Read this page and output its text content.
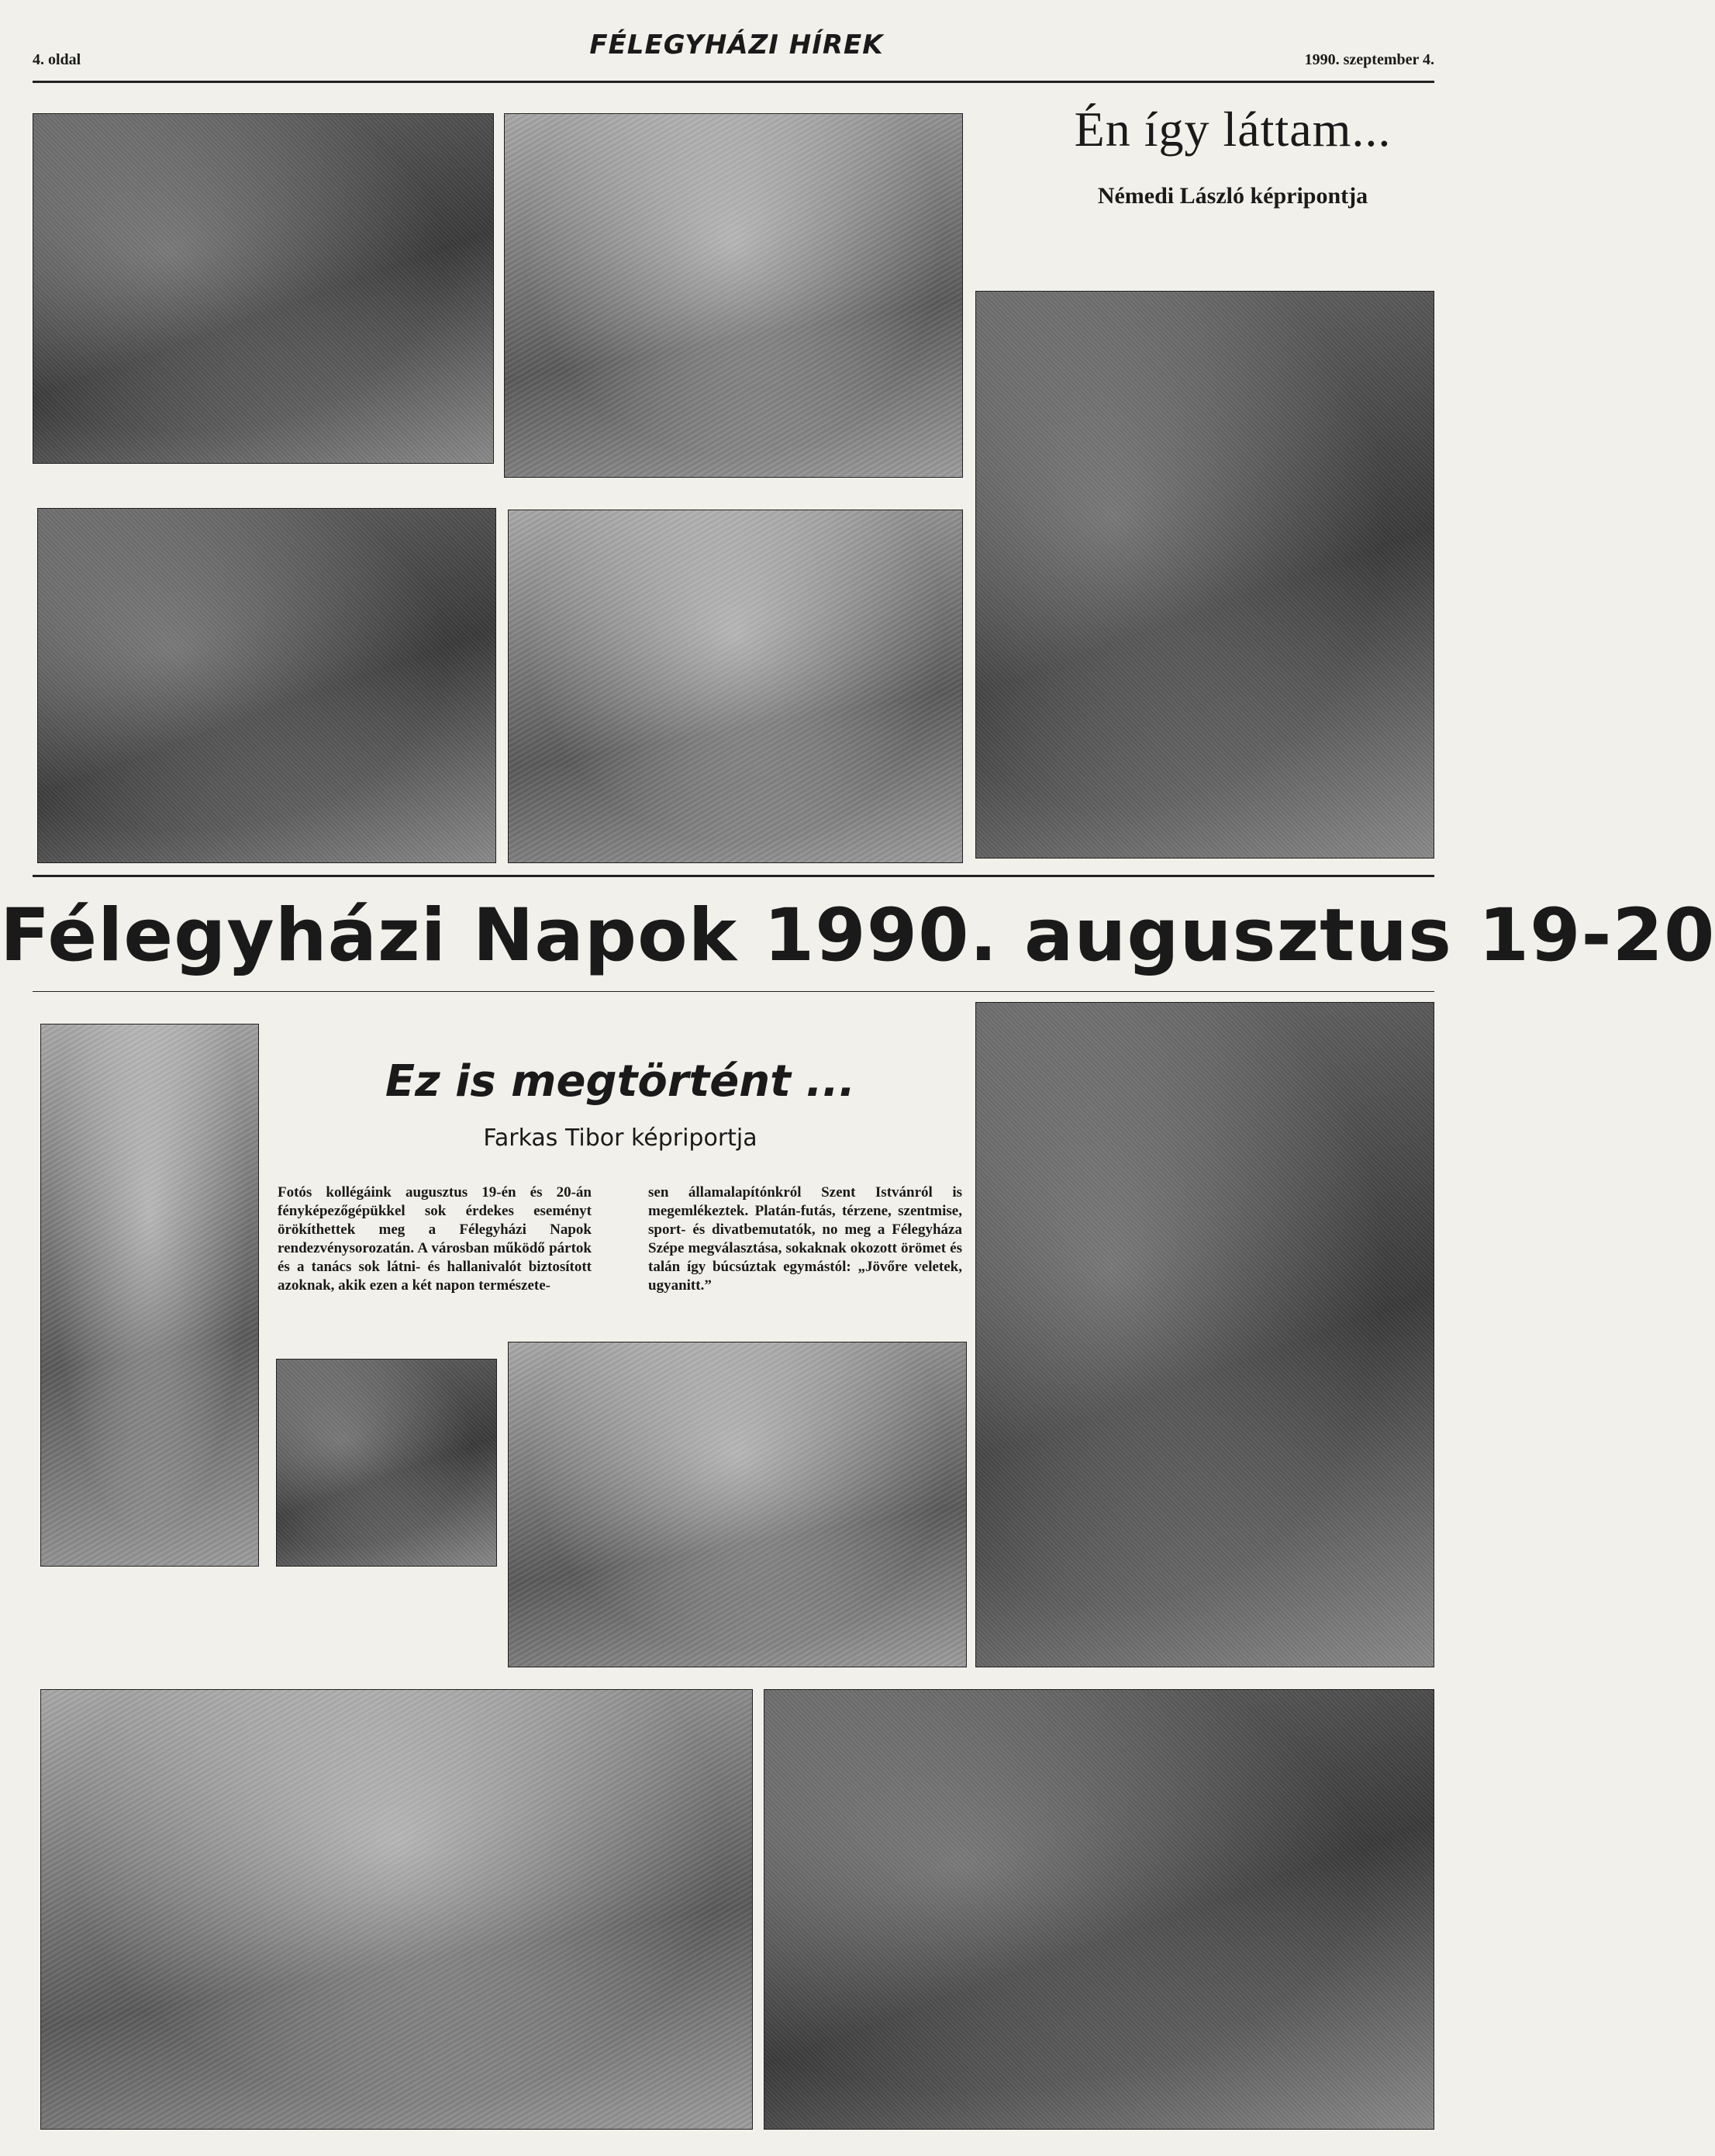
4. oldal	FÉLEGYHÁZI HÍREK	1990. szeptember 4.
Én így láttam...
Némedi László képripontja
Félegyházi Napok 1990. augusztus 19-20
Ez is megtörtént ...
Farkas Tibor képriportja
Fotós kollégáink augusztus 19-én és 20-án fényképezőgépükkel sok érdekes eseményt örökíthettek meg a Félegyházi Napok rendezvénysorozatán. A városban működő pártok és a tanács sok látni- és hallanivalót biztosított azoknak, akik ezen a két napon természete-
sen államalapítónkról Szent Istvánról is megemlékeztek. Platán-futás, térzene, szentmise, sport- és divatbemutatók, no meg a Félegyháza Szépe megválasztása, sokaknak okozott örömet és talán így búcsúztak egymástól: „Jövőre veletek, ugyanitt.”
